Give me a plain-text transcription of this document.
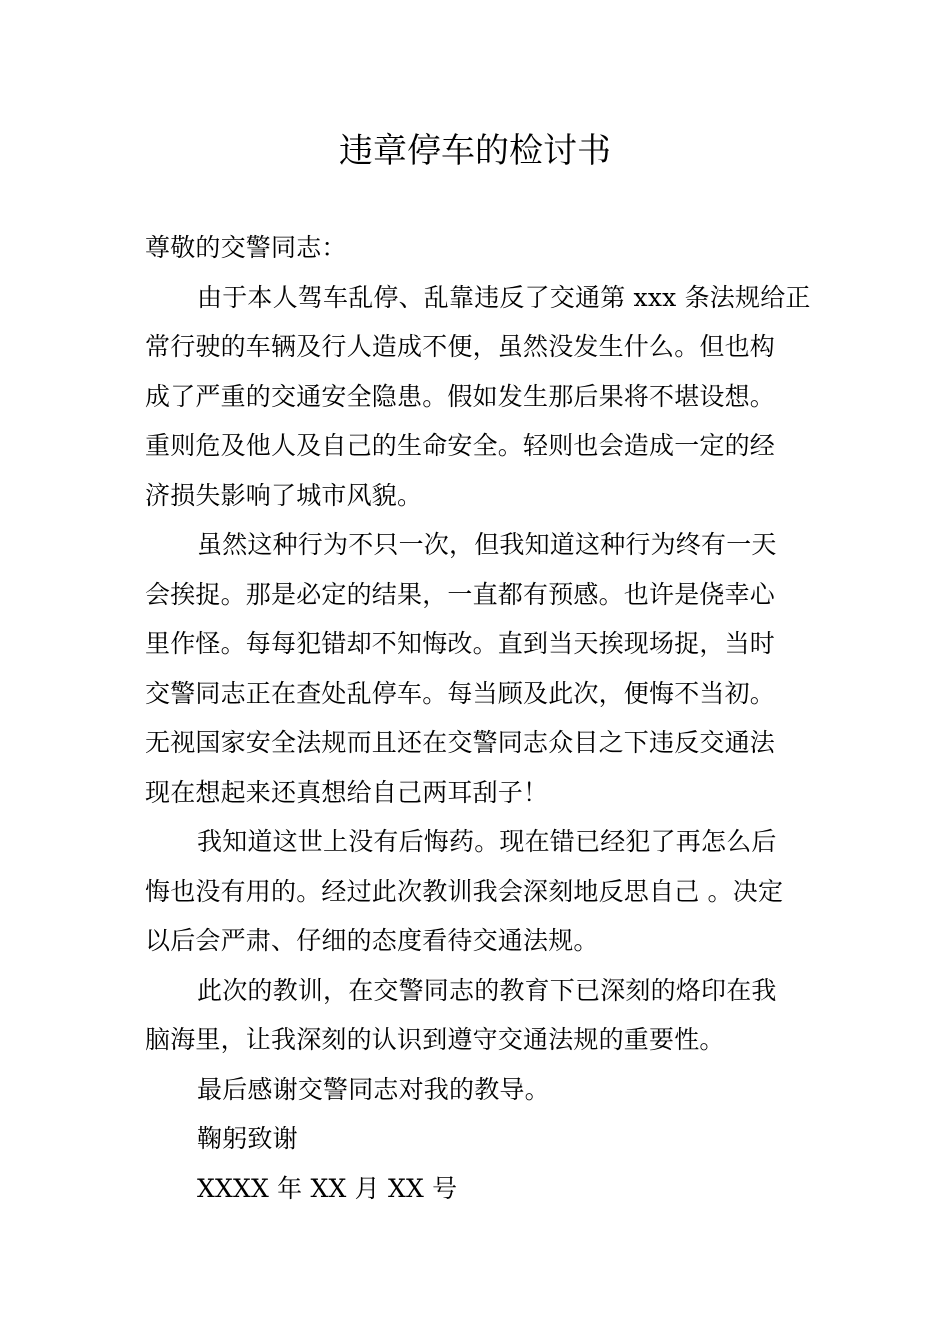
违章停车的检讨书

尊敬的交警同志：

由于本人驾车乱停、乱靠违反了交通第 xxx 条法规给正

常行驶的车辆及行人造成不便，虽然没发生什么。但也构

成了严重的交通安全隐患。假如发生那后果将不堪设想。

重则危及他人及自己的生命安全。轻则也会造成一定的经

济损失影响了城市风貌。

虽然这种行为不只一次，但我知道这种行为终有一天

会挨捉。那是必定的结果，一直都有预感。也许是侥幸心

里作怪。每每犯错却不知悔改。直到当天挨现场捉，当时

交警同志正在查处乱停车。每当顾及此次，便悔不当初。

无视国家安全法规而且还在交警同志众目之下违反交通法

现在想起来还真想给自己两耳刮子！

我知道这世上没有后悔药。现在错已经犯了再怎么后

悔也没有用的。经过此次教训我会深刻地反思自己 。决定

以后会严肃、仔细的态度看待交通法规。

此次的教训，在交警同志的教育下已深刻的烙印在我

脑海里，让我深刻的认识到遵守交通法规的重要性。

最后感谢交警同志对我的教导。

鞠躬致谢

XXXX 年 XX 月 XX 号
